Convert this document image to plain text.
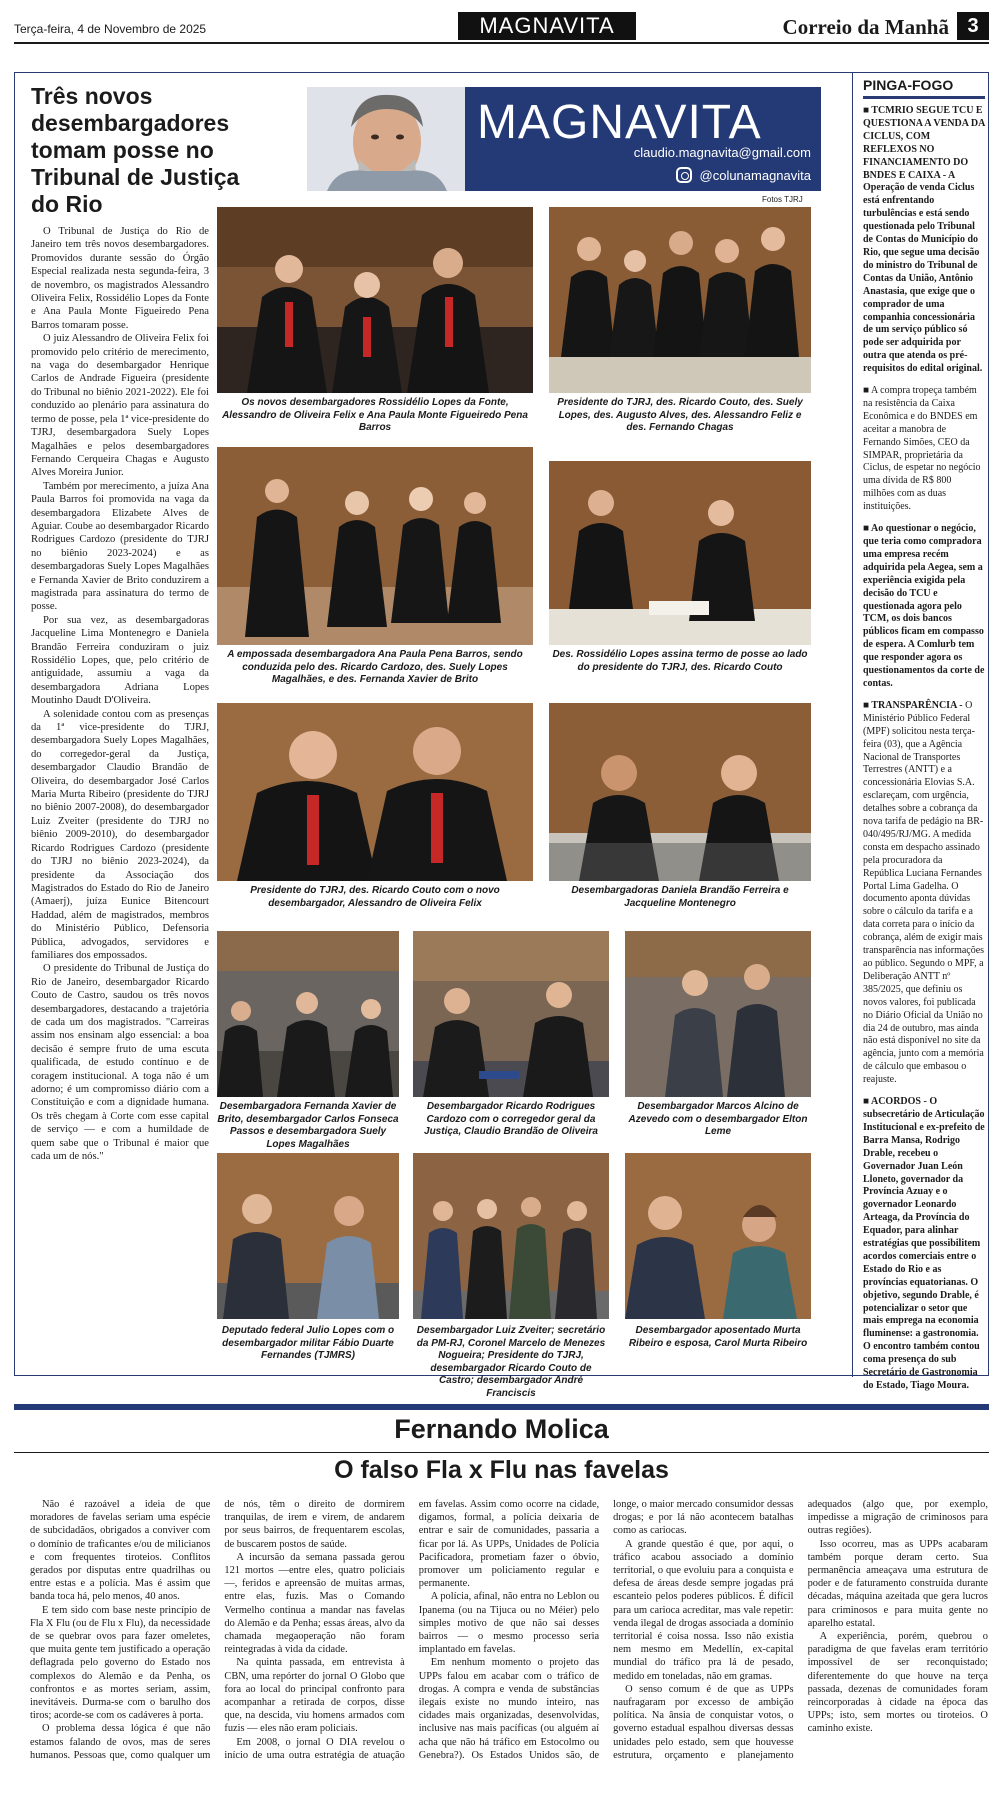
Terça-feira, 4 de Novembro de 2025	MAGNAVITA	Correio da Manhã 3
Três novos desembargadores tomam posse no Tribunal de Justiça do Rio
MAGNAVITA
claudio.magnavita@gmail.com
@colunamagnavita
Fotos TJRJ

O Tribunal de Justiça do Rio de Janeiro tem três novos desembargadores. Promovidos durante sessão do Órgão Especial realizada nesta segunda-feira, 3 de novembro, os magistrados Alessandro Oliveira Felix, Rossidélio Lopes da Fonte e Ana Paula Monte Figueiredo Pena Barros tomaram posse.

O juiz Alessandro de Oliveira Felix foi promovido pelo critério de merecimento, na vaga do desembargador Henrique Carlos de Andrade Figueira (presidente do Tribunal no biênio 2021-2022). Ele foi conduzido ao plenário para assinatura do termo de posse, pela 1ª vice-presidente do TJRJ, desembargadora Suely Lopes Magalhães e pelos desembargadores Fernando Cerqueira Chagas e Augusto Alves Moreira Junior.

Também por merecimento, a juíza Ana Paula Barros foi promovida na vaga da desembargadora Elizabete Alves de Aguiar. Coube ao desembargador Ricardo Rodrigues Cardozo (presidente do TJRJ no biênio 2023-2024) e as desembargadoras Suely Lopes Magalhães e Fernanda Xavier de Brito conduzirem a magistrada para assinatura do termo de posse.

Por sua vez, as desembargadoras Jacqueline Lima Montenegro e Daniela Brandão Ferreira conduziram o juiz Rossidélio Lopes, que, pelo critério de antiguidade, assumiu a vaga da desembargadora Adriana Lopes Moutinho Daudt D'Oliveira.

A solenidade contou com as presenças da 1ª vice-presidente do TJRJ, desembargadora Suely Lopes Magalhães, do corregedor-geral da Justiça, desembargador Claudio Brandão de Oliveira, do desembargador José Carlos Maria Murta Ribeiro (presidente do TJRJ no biênio 2007-2008), do desembargador Luiz Zveiter (presidente do TJRJ no biênio 2009-2010), do desembargador Ricardo Rodrigues Cardozo (presidente do TJRJ no biênio 2023-2024), da presidente da Associação dos Magistrados do Estado do Rio de Janeiro (Amaerj), juíza Eunice Bitencourt Haddad, além de magistrados, membros do Ministério Público, Defensoria Pública, advogados, servidores e familiares dos empossados.

O presidente do Tribunal de Justiça do Rio de Janeiro, desembargador Ricardo Couto de Castro, saudou os três novos desembargadores, destacando a trajetória de cada um dos magistrados. "Carreiras assim nos ensinam algo essencial: a boa decisão é sempre fruto de uma escuta qualificada, de estudo contínuo e de coragem institucional. A toga não é um adorno; é um compromisso diário com a Constituição e com a dignidade humana. Os três chegam à Corte com esse capital de serviço — e com a humildade de quem sabe que o Tribunal é maior que cada um de nós."

Os novos desembargadores Rossidélio Lopes da Fonte, Alessandro de Oliveira Felix e Ana Paula Monte Figueiredo Pena Barros
Presidente do TJRJ, des. Ricardo Couto, des. Suely Lopes, des. Augusto Alves, des. Alessandro Feliz e des. Fernando Chagas
A empossada desembargadora Ana Paula Pena Barros, sendo conduzida pelo des. Ricardo Cardozo, des. Suely Lopes Magalhães, e des. Fernanda Xavier de Brito
Des. Rossidélio Lopes assina termo de posse ao lado do presidente do TJRJ, des. Ricardo Couto
Presidente do TJRJ, des. Ricardo Couto com o novo desembargador, Alessandro de Oliveira Felix
Desembargadoras Daniela Brandão Ferreira e Jacqueline Montenegro
Desembargadora Fernanda Xavier de Brito, desembargador Carlos Fonseca Passos e desembargadora Suely Lopes Magalhães
Desembargador Ricardo Rodrigues Cardozo com o corregedor geral da Justiça, Claudio Brandão de Oliveira
Desembargador Marcos Alcino de Azevedo com o desembargador Elton Leme
Deputado federal Julio Lopes com o desembargador militar Fábio Duarte Fernandes (TJMRS)
Desembargador Luiz Zveiter; secretário da PM-RJ, Coronel Marcelo de Menezes Nogueira; Presidente do TJRJ, desembargador Ricardo Couto de Castro; desembargador André Franciscis
Desembargador aposentado Murta Ribeiro e esposa, Carol Murta Ribeiro
PINGA-FOGO

■ TCMRIO SEGUE TCU E QUESTIONA A VENDA DA CICLUS, COM REFLEXOS NO FINANCIAMENTO DO BNDES E CAIXA - A Operação de venda Ciclus está enfrentando turbulências e está sendo questionada pelo Tribunal de Contas do Município do Rio, que segue uma decisão do ministro do Tribunal de Contas da União, Antônio Anastasia, que exige que o comprador de uma companhia concessionária de um serviço público só pode ser adquirida por outra que atenda os pré-requisitos do edital original.

■ A compra tropeça também na resistência da Caixa Econômica e do BNDES em aceitar a manobra de Fernando Simões, CEO da SIMPAR, proprietária da Ciclus, de espetar no negócio uma dívida de R$ 800 milhões com as duas instituições.

■ Ao questionar o negócio, que teria como compradora uma empresa recém adquirida pela Aegea, sem a experiência exigida pela decisão do TCU e questionada agora pelo TCM, os dois bancos públicos ficam em compasso de espera. A Comlurb tem que responder agora os questionamentos da corte de contas.

■ TRANSPARÊNCIA - O Ministério Público Federal (MPF) solicitou nesta terça-feira (03), que a Agência Nacional de Transportes Terrestres (ANTT) e a concessionária Elovias S.A. esclareçam, com urgência, detalhes sobre a cobrança da nova tarifa de pedágio na BR-040/495/RJ/MG. A medida consta em despacho assinado pela procuradora da República Luciana Fernandes Portal Lima Gadelha. O documento aponta dúvidas sobre o cálculo da tarifa e a data correta para o início da cobrança, além de exigir mais transparência nas informações ao público. Segundo o MPF, a Deliberação ANTT nº 385/2025, que definiu os novos valores, foi publicada no Diário Oficial da União no dia 24 de outubro, mas ainda não está disponível no site da agência, junto com a memória de cálculo que embasou o reajuste.

■ ACORDOS - O subsecretário de Articulação Institucional e ex-prefeito de Barra Mansa, Rodrigo Drable, recebeu o Governador Juan León Lloneto, governador da Província Azuay e o governador Leonardo Arteaga, da Província do Equador, para alinhar estratégias que possibilitem acordos comerciais entre o Estado do Rio e as províncias equatorianas. O objetivo, segundo Drable, é potencializar o setor que mais emprega na economia fluminense: a gastronomia. O encontro também contou coma presença do sub Secretário de Gastronomia do Estado, Tiago Moura.

Fernando Molica
O falso Fla x Flu nas favelas

Não é razoável a ideia de que moradores de favelas seriam uma espécie de subcidadãos, obrigados a conviver com o domínio de traficantes e/ou de milicianos e com frequentes tiroteios. Conflitos gerados por disputas entre quadrilhas ou entre estas e a polícia. Mas é assim que banda toca há, pelo menos, 40 anos.

E tem sido com base neste princípio de Fla X Flu (ou de Flu x Flu), da necessidade de se quebrar ovos para fazer omeletes, que muita gente tem justificado a operação deflagrada pelo governo do Estado nos complexos do Alemão e da Penha, os confrontos e as mortes seriam, assim, inevitáveis. Durma-se com o barulho dos tiros; acorde-se com os cadáveres à porta.

O problema dessa lógica é que não estamos falando de ovos, mas de seres humanos. Pessoas que, como qualquer um de nós, têm o direito de dormirem tranquilas, de irem e virem, de andarem por seus bairros, de frequentarem escolas, de buscarem postos de saúde.

A incursão da semana passada gerou 121 mortos —entre eles, quatro policiais—, feridos e apreensão de muitas armas, entre elas, fuzis. Mas o Comando Vermelho continua a mandar nas favelas do Alemão e da Penha; essas áreas, alvo da chamada megaoperação não foram reintegradas à vida da cidade.

Na quinta passada, em entrevista à CBN, uma repórter do jornal O Globo que fora ao local do principal confronto para acompanhar a retirada de corpos, disse que, na descida, viu homens armados com fuzis — eles não eram policiais.

Em 2008, o jornal O DIA revelou o início de uma outra estratégia de atuação em favelas. Assim como ocorre na cidade, digamos, formal, a polícia deixaria de entrar e sair de comunidades, passaria a ficar por lá. As UPPs, Unidades de Polícia Pacificadora, prometiam fazer o óbvio, promover um policiamento regular e permanente.

A polícia, afinal, não entra no Leblon ou Ipanema (ou na Tijuca ou no Méier) pelo simples motivo de que não sai desses bairros — o mesmo processo seria implantado em favelas.

Em nenhum momento o projeto das UPPs falou em acabar com o tráfico de drogas. A compra e venda de substâncias ilegais existe no mundo inteiro, nas cidades mais organizadas, desenvolvidas, inclusive nas mais pacíficas (ou alguém aí acha que não há tráfico em Estocolmo ou Genebra?). Os Estados Unidos são, de longe, o maior mercado consumidor dessas drogas; e por lá não acontecem batalhas como as cariocas.

A grande questão é que, por aqui, o tráfico acabou associado a domínio territorial, o que evoluiu para a conquista e defesa de áreas desde sempre jogadas prá escanteio pelos poderes públicos. É difícil para um carioca acreditar, mas vale repetir: venda ilegal de drogas associada a domínio territorial é coisa nossa. Isso não existia nem mesmo em Medellín, ex-capital mundial do tráfico pra lá de pesado, medido em toneladas, não em gramas.

O senso comum é de que as UPPs naufragaram por excesso de ambição política. Na ânsia de conquistar votos, o governo estadual espalhou diversas dessas unidades pelo estado, sem que houvesse estrutura, orçamento e planejamento adequados (algo que, por exemplo, impedisse a migração de criminosos para outras regiões).

Isso ocorreu, mas as UPPs acabaram também porque deram certo. Sua permanência ameaçava uma estrutura de poder e de faturamento construída durante décadas, máquina azeitada que gera lucros para criminosos e para muita gente no aparelho estatal.

A experiência, porém, quebrou o paradigma de que favelas eram território impossível de ser reconquistado; diferentemente do que houve na terça passada, dezenas de comunidades foram reincorporadas à cidade na época das UPPs; isto, sem mortes ou tiroteios. O caminho existe.
